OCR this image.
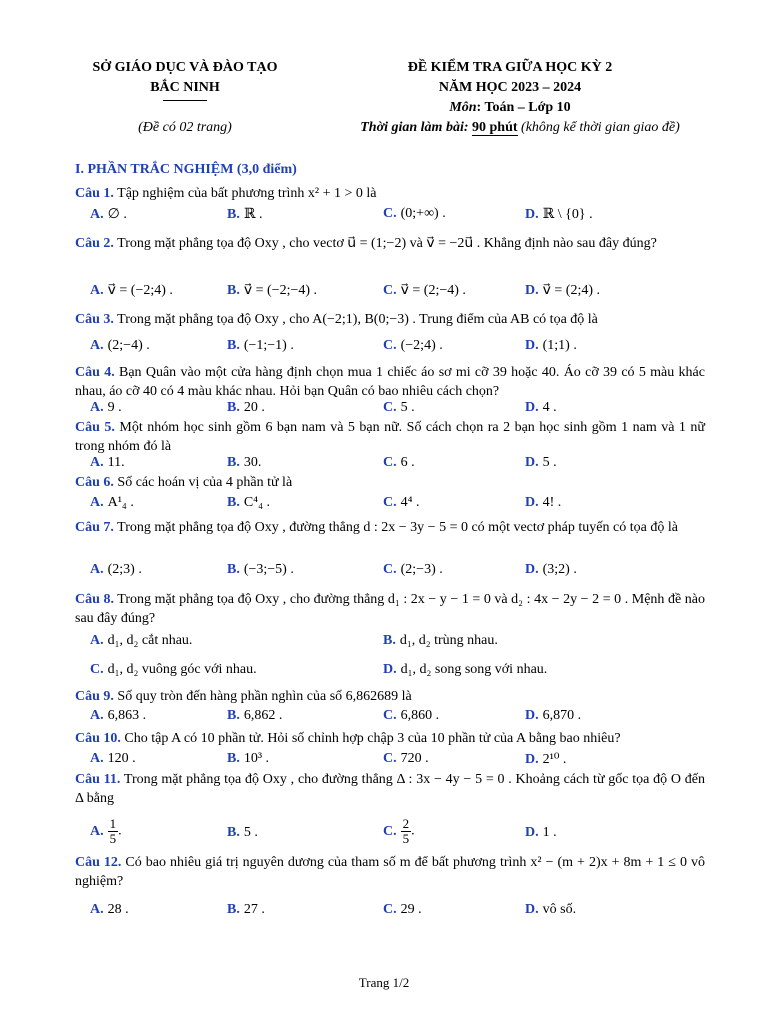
SỞ GIÁO DỤC VÀ ĐÀO TẠO
BẮC NINH
(Đề có 02 trang)
ĐỀ KIỂM TRA GIỮA HỌC KỲ 2
NĂM HỌC 2023 – 2024
Môn: Toán – Lớp 10
Thời gian làm bài: 90 phút (không kể thời gian giao đề)
I. PHẦN TRẮC NGHIỆM (3,0 điểm)
Câu 1. Tập nghiệm của bất phương trình x² + 1 > 0 là
A. ∅ .	B. ℝ .	C. (0;+∞) .	D. ℝ \ {0} .
Câu 2. Trong mặt phẳng tọa độ Oxy , cho vectơ u⃗ = (1;−2) và v⃗ = −2u⃗ . Khẳng định nào sau đây đúng?
A. v⃗ = (−2;4) .	B. v⃗ = (−2;−4) .	C. v⃗ = (2;−4) .	D. v⃗ = (2;4) .
Câu 3. Trong mặt phẳng tọa độ Oxy , cho A(−2;1), B(0;−3) . Trung điểm của AB có tọa độ là
A. (2;−4) .	B. (−1;−1) .	C. (−2;4) .	D. (1;1) .
Câu 4. Bạn Quân vào một cửa hàng định chọn mua 1 chiếc áo sơ mi cỡ 39 hoặc 40. Áo cỡ 39 có 5 màu khác nhau, áo cỡ 40 có 4 màu khác nhau. Hỏi bạn Quân có bao nhiêu cách chọn?
A. 9 .	B. 20 .	C. 5 .	D. 4 .
Câu 5. Một nhóm học sinh gồm 6 bạn nam và 5 bạn nữ. Số cách chọn ra 2 bạn học sinh gồm 1 nam và 1 nữ trong nhóm đó là
A. 11.	B. 30.	C. 6 .	D. 5 .
Câu 6. Số các hoán vị của 4 phần tử là
A. A¹₄ .	B. C⁴₄ .	C. 4⁴ .	D. 4! .
Câu 7. Trong mặt phẳng tọa độ Oxy , đường thẳng d : 2x − 3y − 5 = 0 có một vectơ pháp tuyến có tọa độ là
A. (2;3) .	B. (−3;−5) .	C. (2;−3) .	D. (3;2) .
Câu 8. Trong mặt phẳng tọa độ Oxy , cho đường thẳng d₁ : 2x − y − 1 = 0 và d₂ : 4x − 2y − 2 = 0 . Mệnh đề nào sau đây đúng?
A. d₁, d₂ cắt nhau.	B. d₁, d₂ trùng nhau.
C. d₁, d₂ vuông góc với nhau.	D. d₁, d₂ song song với nhau.
Câu 9. Số quy tròn đến hàng phần nghìn của số 6,862689 là
A. 6,863 .	B. 6,862 .	C. 6,860 .	D. 6,870 .
Câu 10. Cho tập A có 10 phần tử. Hỏi số chỉnh hợp chập 3 của 10 phần tử của A bằng bao nhiêu?
A. 120 .	B. 10³ .	C. 720 .	D. 2¹⁰ .
Câu 11. Trong mặt phẳng tọa độ Oxy , cho đường thẳng Δ : 3x − 4y − 5 = 0 . Khoảng cách từ gốc tọa độ O đến Δ bằng
A. $\frac{1}{5}$ .	B. 5 .	C. $\frac{2}{5}$ .	D. 1 .
Câu 12. Có bao nhiêu giá trị nguyên dương của tham số m để bất phương trình x² − (m + 2)x + 8m + 1 ≤ 0 vô nghiệm?
A. 28 .	B. 27 .	C. 29 .	D. vô số.
Trang 1/2
